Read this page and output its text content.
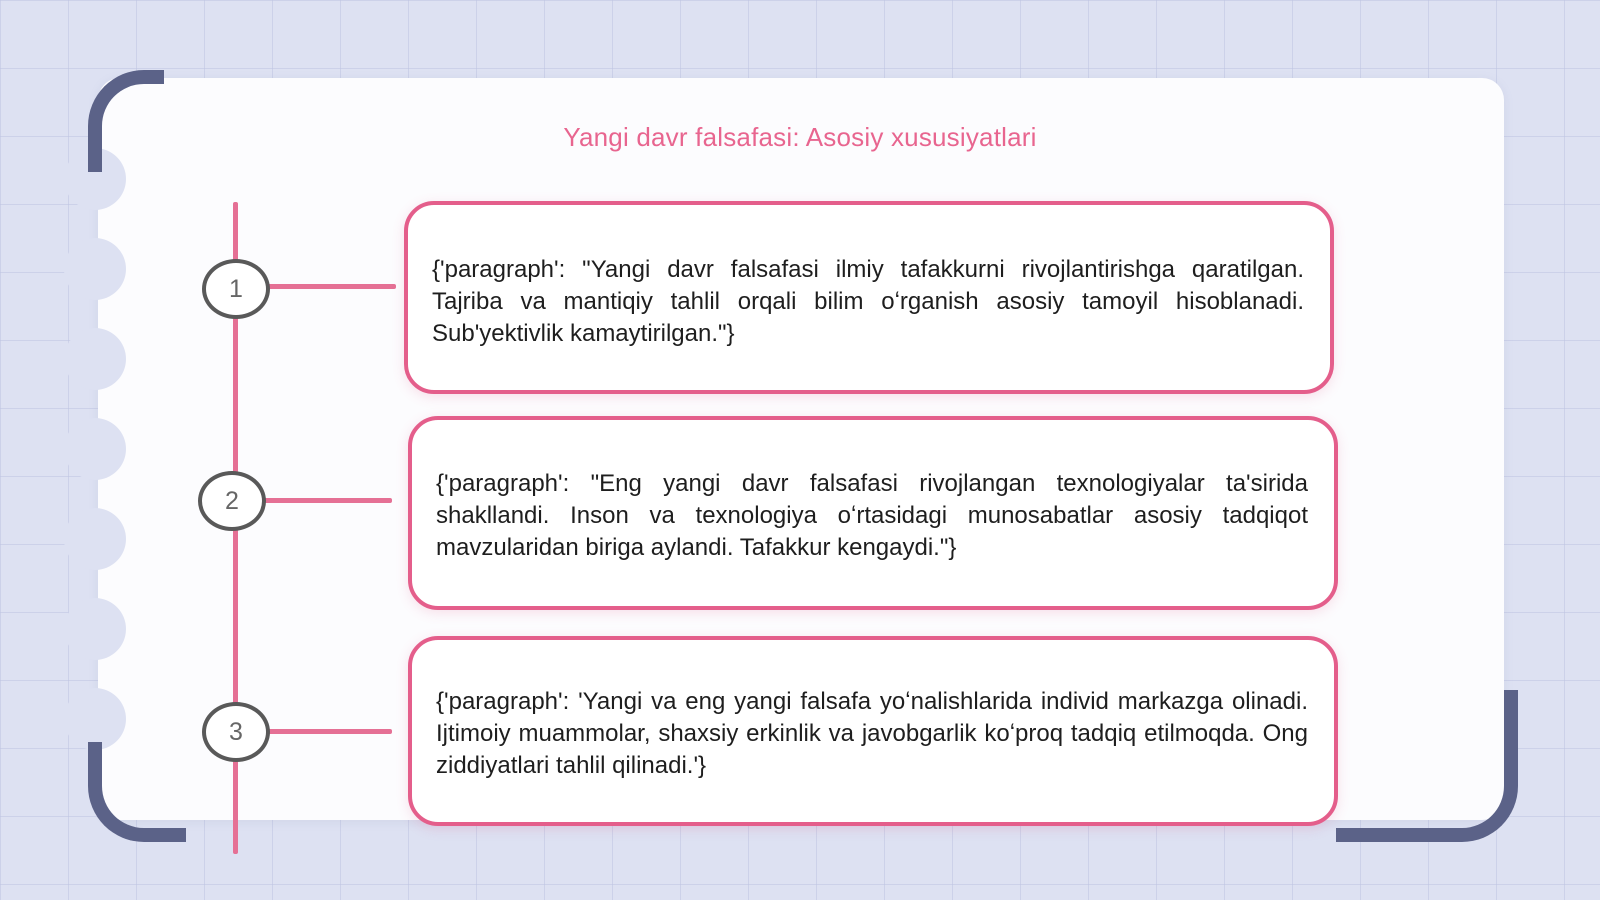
Yangi davr falsafasi: Asosiy xususiyatlari
1
2
3

{'paragraph': "Yangi davr falsafasi ilmiy tafakkurni rivojlantirishga qaratilgan. Tajriba va mantiqiy tahlil orqali bilim oʻrganish asosiy tamoyil hisoblanadi. Sub'yektivlik kamaytirilgan."}

{'paragraph': "Eng yangi davr falsafasi rivojlangan texnologiyalar ta'sirida shakllandi. Inson va texnologiya oʻrtasidagi munosabatlar asosiy tadqiqot mavzularidan biriga aylandi. Tafakkur kengaydi."}

{'paragraph': 'Yangi va eng yangi falsafa yoʻnalishlarida individ markazga olinadi. Ijtimoiy muammolar, shaxsiy erkinlik va javobgarlik koʻproq tadqiq etilmoqda. Ong ziddiyatlari tahlil qilinadi.'}
